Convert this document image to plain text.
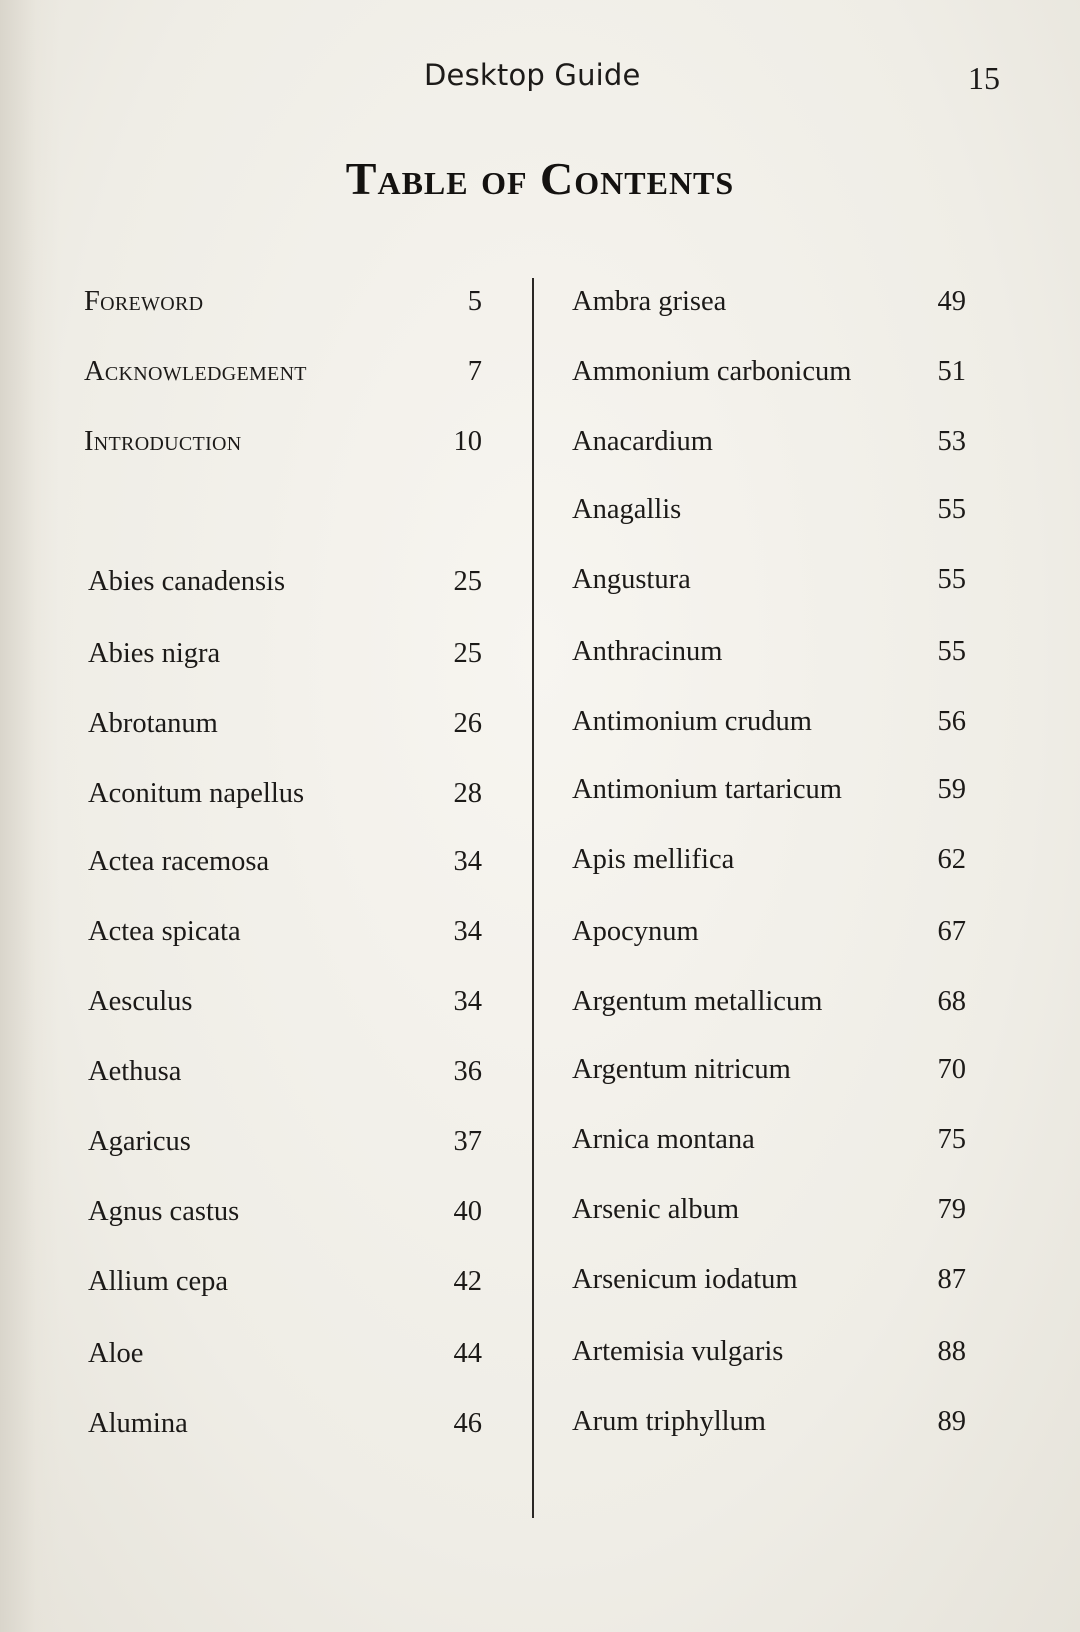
Desktop Guide	15
Table of Contents
Foreword	5
Acknowledgement	7
Introduction	10
Abies canadensis	25
Abies nigra	25
Abrotanum	26
Aconitum napellus	28
Actea racemosa	34
Actea spicata	34
Aesculus	34
Aethusa	36
Agaricus	37
Agnus castus	40
Allium cepa	42
Aloe	44
Alumina	46
Ambra grisea	49
Ammonium carbonicum	51
Anacardium	53
Anagallis	55
Angustura	55
Anthracinum	55
Antimonium crudum	56
Antimonium tartaricum	59
Apis mellifica	62
Apocynum	67
Argentum metallicum	68
Argentum nitricum	70
Arnica montana	75
Arsenic album	79
Arsenicum iodatum	87
Artemisia vulgaris	88
Arum triphyllum	89
